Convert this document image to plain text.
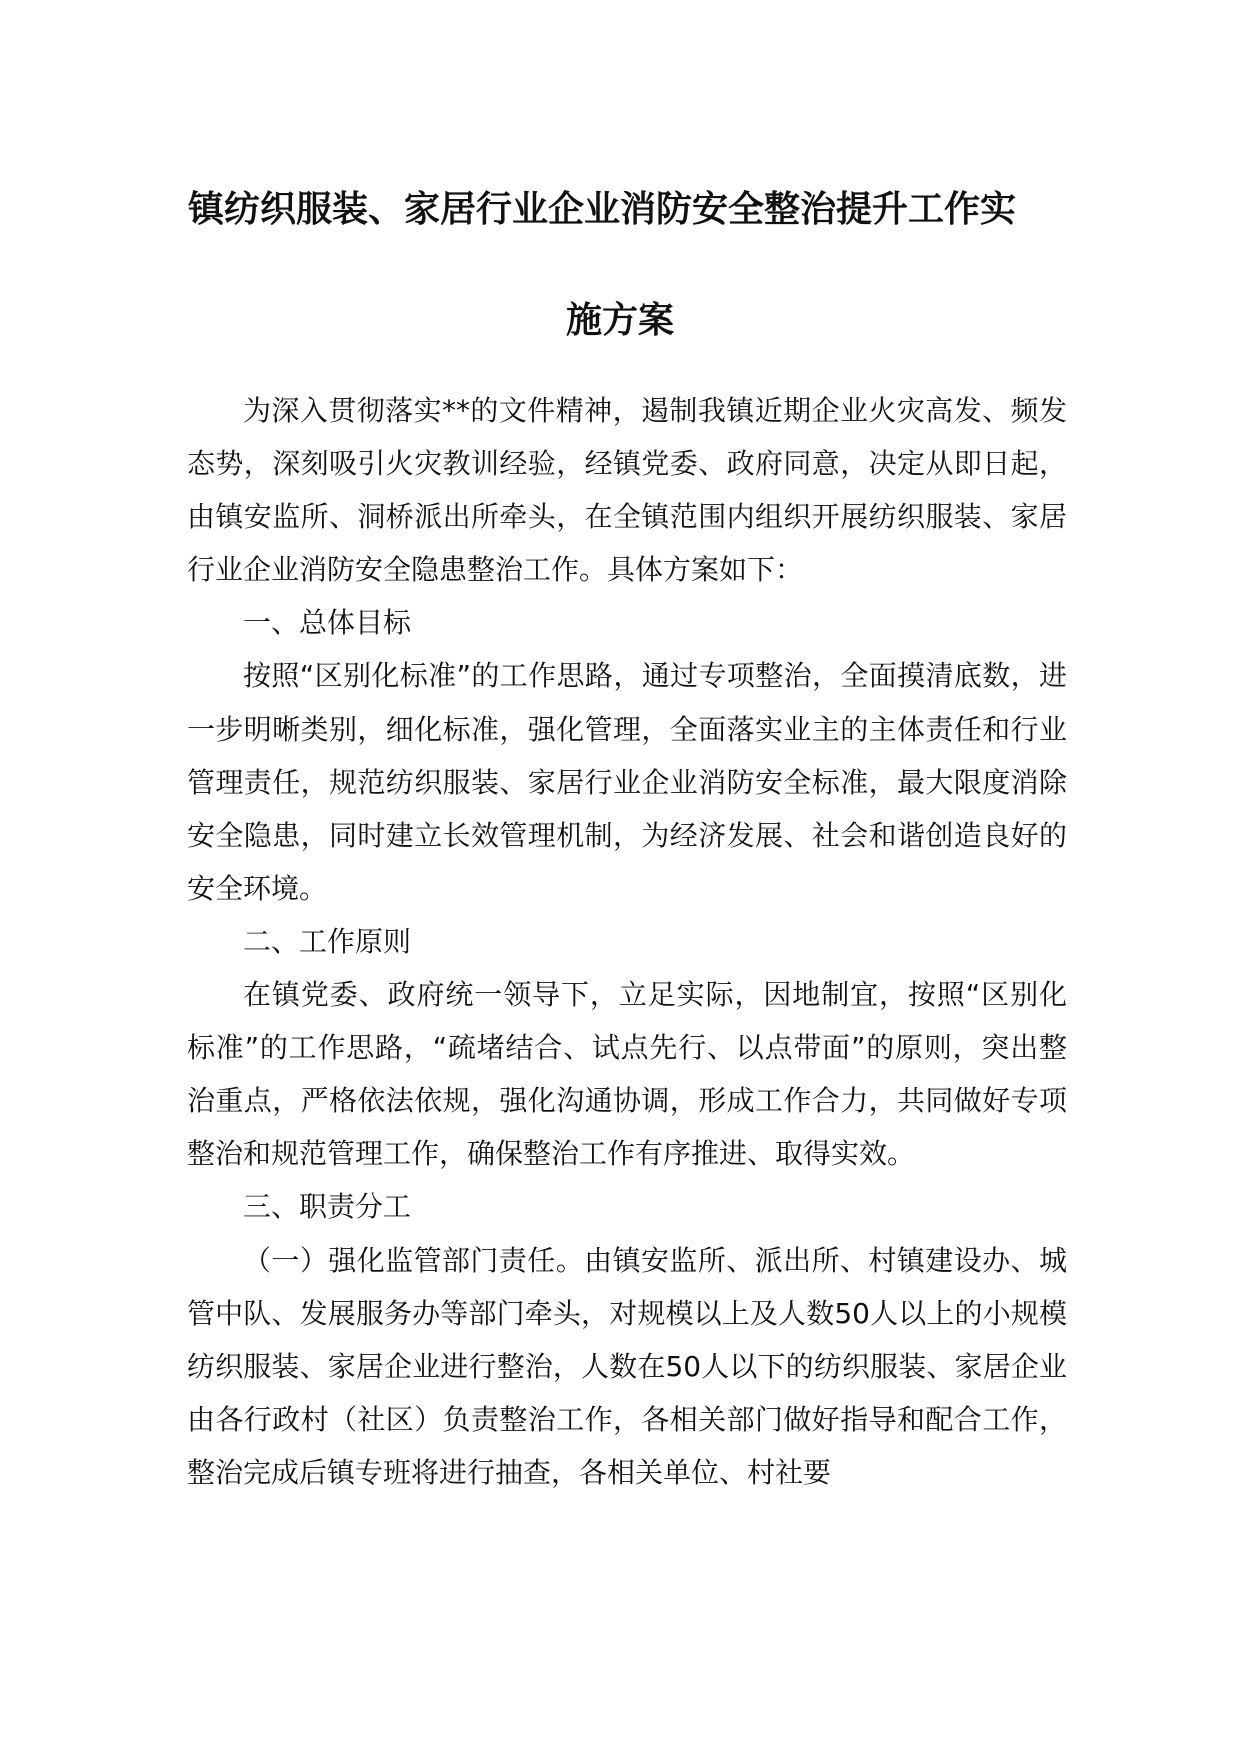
镇纺织服装、家居行业企业消防安全整治提升工作实
施方案

为深入贯彻落实**的文件精神，遏制我镇近期企业火灾高发、频发态势，深刻吸引火灾教训经验，经镇党委、政府同意，决定从即日起，由镇安监所、洞桥派出所牵头，在全镇范围内组织开展纺织服装、家居行业企业消防安全隐患整治工作。具体方案如下：

一、总体目标

按照“区别化标准”的工作思路，通过专项整治，全面摸清底数，进一步明晰类别，细化标准，强化管理，全面落实业主的主体责任和行业管理责任，规范纺织服装、家居行业企业消防安全标准，最大限度消除安全隐患，同时建立长效管理机制，为经济发展、社会和谐创造良好的安全环境。

二、工作原则

在镇党委、政府统一领导下，立足实际，因地制宜，按照“区别化标准”的工作思路，“疏堵结合、试点先行、以点带面”的原则，突出整治重点，严格依法依规，强化沟通协调，形成工作合力，共同做好专项整治和规范管理工作，确保整治工作有序推进、取得实效。

三、职责分工

（一）强化监管部门责任。由镇安监所、派出所、村镇建设办、城管中队、发展服务办等部门牵头，对规模以上及人数50人以上的小规模纺织服装、家居企业进行整治，人数在50人以下的纺织服装、家居企业由各行政村（社区）负责整治工作，各相关部门做好指导和配合工作，整治完成后镇专班将进行抽查，各相关单位、村社要
